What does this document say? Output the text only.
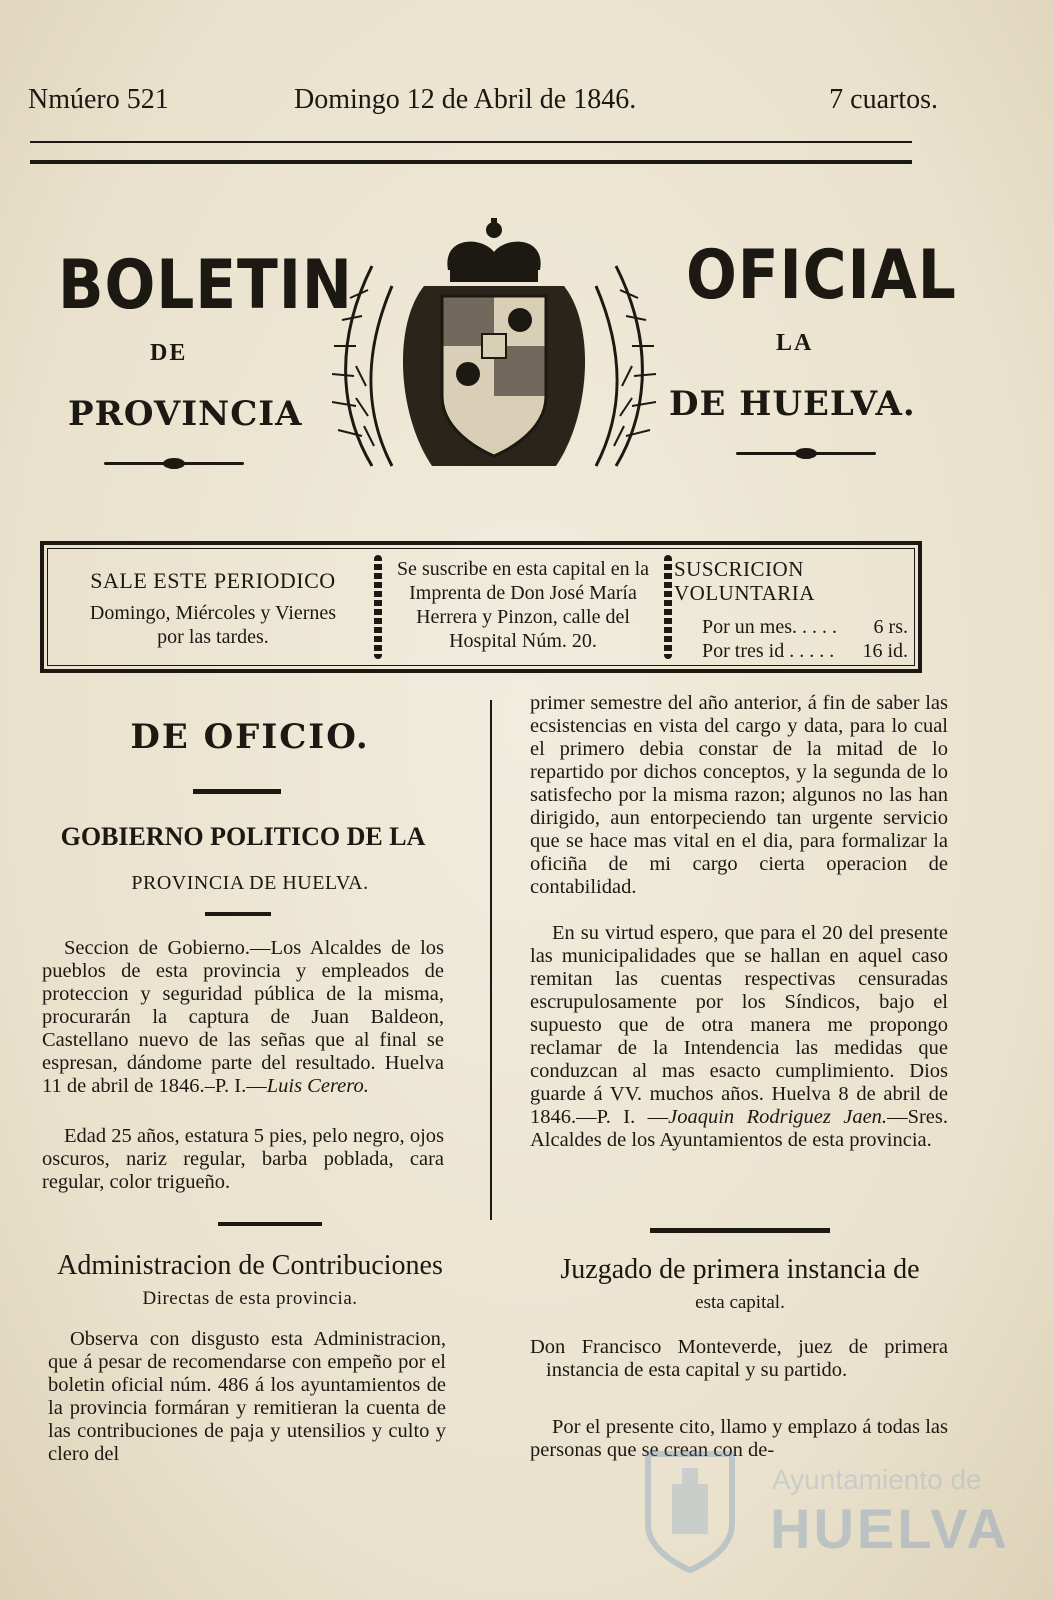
Nmúero 521	Domingo 12 de Abril de 1846.	7 cuartos.
BOLETIN
DE
PROVINCIA
OFICIAL
LA
DE HUELVA.
SALE ESTE PERIODICO
Domingo, Miércoles y Viernes
por las tardes.
Se suscribe en esta capital en la Imprenta de Don José María Herrera y Pinzon, calle del Hospital Núm. 20.
SUSCRICION VOLUNTARIA
Por un mes. . . . . 6 rs.
Por tres id . . . . . 16 id.
DE OFICIO.
GOBIERNO POLITICO DE LA
PROVINCIA DE HUELVA.

Seccion de Gobierno.—Los Alcaldes de los pueblos de esta provincia y empleados de proteccion y seguridad pública de la misma, procurarán la captura de Juan Baldeon, Castellano nuevo de las señas que al final se espresan, dándome parte del resultado. Huelva 11 de abril de 1846.–P. I.—Luis Cerero.

Edad 25 años, estatura 5 pies, pelo negro, ojos oscuros, nariz regular, barba poblada, cara regular, color trigueño.

Administracion de Contribuciones
Directas de esta provincia.

Observa con disgusto esta Administracion, que á pesar de recomendarse con empeño por el boletin oficial núm. 486 á los ayuntamientos de la provincia formáran y remitieran la cuenta de las contribuciones de paja y utensilios y culto y clero del

primer semestre del año anterior, á fin de saber las ecsistencias en vista del cargo y data, para lo cual el primero debia constar de la mitad de lo repartido por dichos conceptos, y la segunda de lo satisfecho por la misma razon; algunos no las han dirigido, aun entorpeciendo tan urgente servicio que se hace mas vital en el dia, para formalizar la oficiña de mi cargo cierta operacion de contabilidad.

En su virtud espero, que para el 20 del presente las municipalidades que se hallan en aquel caso remitan las cuentas respectivas censuradas escrupulosamente por los Síndicos, bajo el supuesto que de otra manera me propongo reclamar de la Intendencia las medidas que conduzcan al mas esacto cumplimiento. Dios guarde á VV. muchos años. Huelva 8 de abril de 1846.—P. I. —Joaquin Rodriguez Jaen.—Sres. Alcaldes de los Ayuntamientos de esta provincia.

Juzgado de primera instancia de
esta capital.

Don Francisco Monteverde, juez de primera instancia de esta capital y su partido.

Por el presente cito, llamo y emplazo á todas las personas que se crean con de-

Ayuntamiento de
HUELVA
